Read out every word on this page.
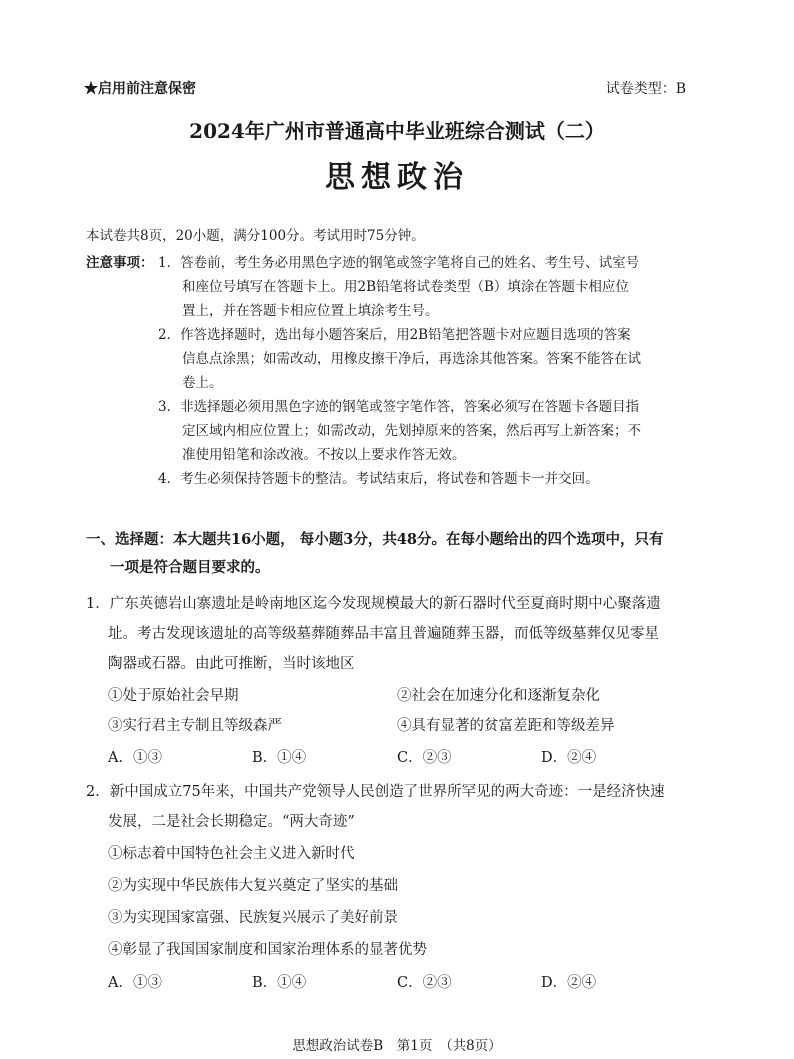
★启用前注意保密	试卷类型：B
2024年广州市普通高中毕业班综合测试（二）
思想政治
本试卷共8页，20小题，满分100分。考试用时75分钟。
注意事项： 1．答卷前，考生务必用黑色字迹的钢笔或签字笔将自己的姓名、考生号、试室号
和座位号填写在答题卡上。用2B铅笔将试卷类型（B）填涂在答题卡相应位
置上，并在答题卡相应位置上填涂考生号。
2．作答选择题时，选出每小题答案后，用2B铅笔把答题卡对应题目选项的答案
信息点涂黑；如需改动，用橡皮擦干净后，再选涂其他答案。答案不能答在试
卷上。
3．非选择题必须用黑色字迹的钢笔或签字笔作答，答案必须写在答题卡各题目指
定区域内相应位置上；如需改动，先划掉原来的答案，然后再写上新答案；不
准使用铅笔和涂改液。不按以上要求作答无效。
4．考生必须保持答题卡的整洁。考试结束后，将试卷和答题卡一并交回。
一、选择题：本大题共16小题， 每小题3分，共48分。在每小题给出的四个选项中，只有
一项是符合题目要求的。
1．广东英德岩山寨遗址是岭南地区迄今发现规模最大的新石器时代至夏商时期中心聚落遗
址。考古发现该遗址的高等级墓葬随葬品丰富且普遍随葬玉器，而低等级墓葬仅见零星
陶器或石器。由此可推断，当时该地区
①处于原始社会早期	②社会在加速分化和逐渐复杂化
③实行君主专制且等级森严	④具有显著的贫富差距和等级差异
A．①③	B．①④	C．②③	D．②④
2．新中国成立75年来，中国共产党领导人民创造了世界所罕见的两大奇迹：一是经济快速
发展，二是社会长期稳定。“两大奇迹”
①标志着中国特色社会主义进入新时代
②为实现中华民族伟大复兴奠定了坚实的基础
③为实现国家富强、民族复兴展示了美好前景
④彰显了我国国家制度和国家治理体系的显著优势
A．①③	B．①④	C．②③	D．②④
思想政治试卷B　第1页　（共8页）
